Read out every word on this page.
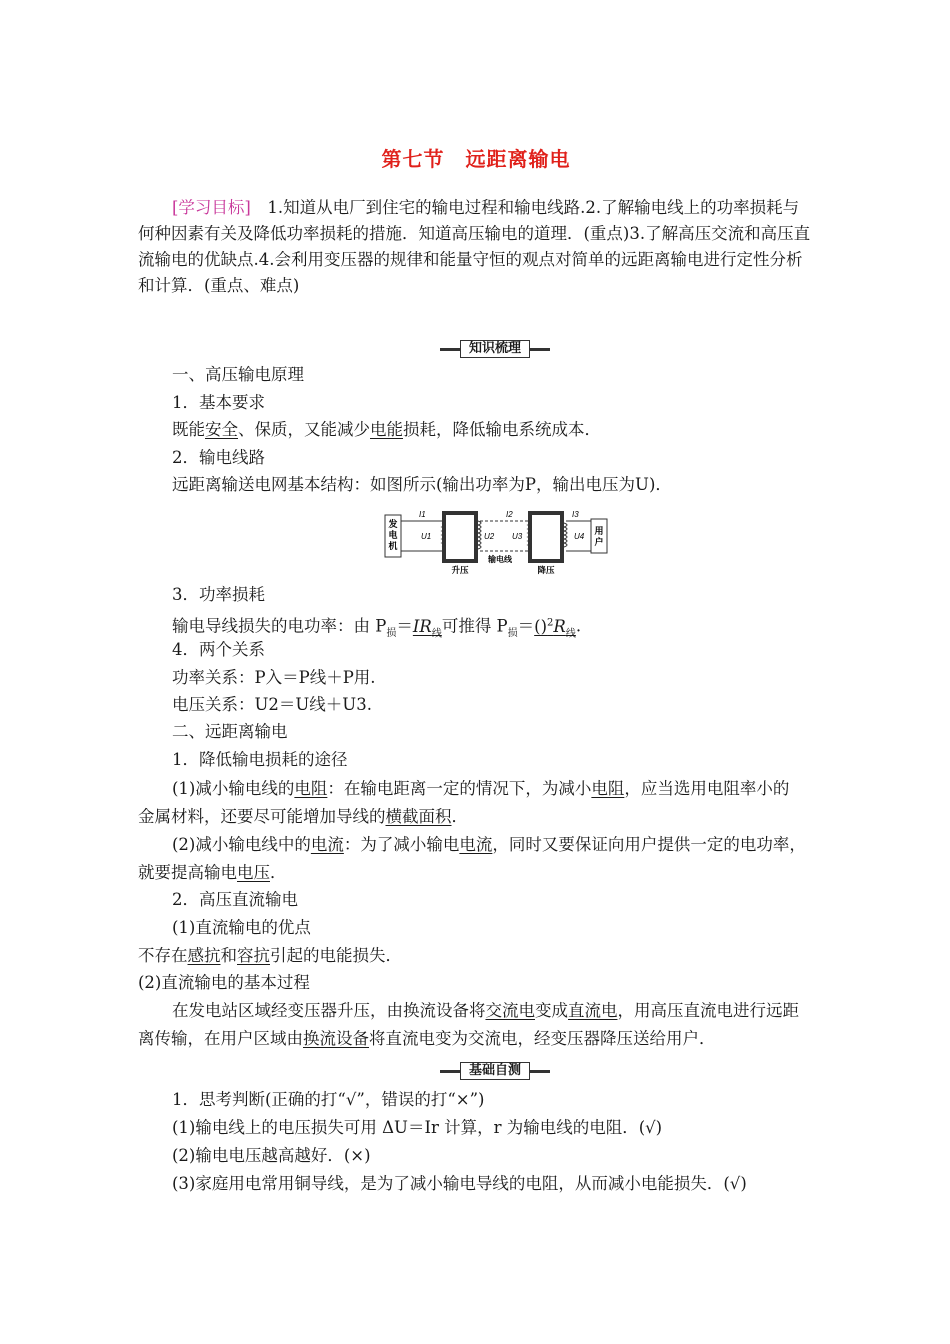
第七节　远距离输电
[学习目标]　1.知道从电厂到住宅的输电过程和输电线路.2.了解输电线上的功率损耗与何种因素有关及降低功率损耗的措施．知道高压输电的道理．(重点)3.了解高压交流和高压直流输电的优缺点.4.会利用变压器的规律和能量守恒的观点对简单的远距离输电进行定性分析和计算．(重点、难点)
知识梳理
一、高压输电原理
1．基本要求
既能安全、保质，又能减少电能损耗，降低输电系统成本．
2．输电线路
远距离输送电网基本结构：如图所示(输出功率为P，输出电压为U)．
3．功率损耗
输电导线损失的电功率：由 $P_损=IR_线$可推得 $P_损=()^2R_线$.
4．两个关系
功率关系：P入＝P线＋P用.
电压关系：U2＝U线＋U3.
二、远距离输电
1．降低输电损耗的途径
(1)减小输电线的电阻：在输电距离一定的情况下，为减小电阻，应当选用电阻率小的
金属材料，还要尽可能增加导线的横截面积．
(2)减小输电线中的电流：为了减小输电电流，同时又要保证向用户提供一定的电功率，
就要提高输电电压．
2．高压直流输电
(1)直流输电的优点
不存在感抗和容抗引起的电能损失．
(2)直流输电的基本过程
在发电站区域经变压器升压，由换流设备将交流电变成直流电，用高压直流电进行远距
离传输，在用户区域由换流设备将直流电变为交流电，经变压器降压送给用户．
基础自测
1．思考判断(正确的打“√”，错误的打“×”)
(1)输电线上的电压损失可用 ΔU＝Ir 计算，r 为输电线的电阻．(√)
(2)输电电压越高越好．(×)
(3)家庭用电常用铜导线，是为了减小输电导线的电阻，从而减小电能损失．(√)
发电机
I1
U1
升压
I2
U2 U3
输电线
降压
I3
U4
用户
